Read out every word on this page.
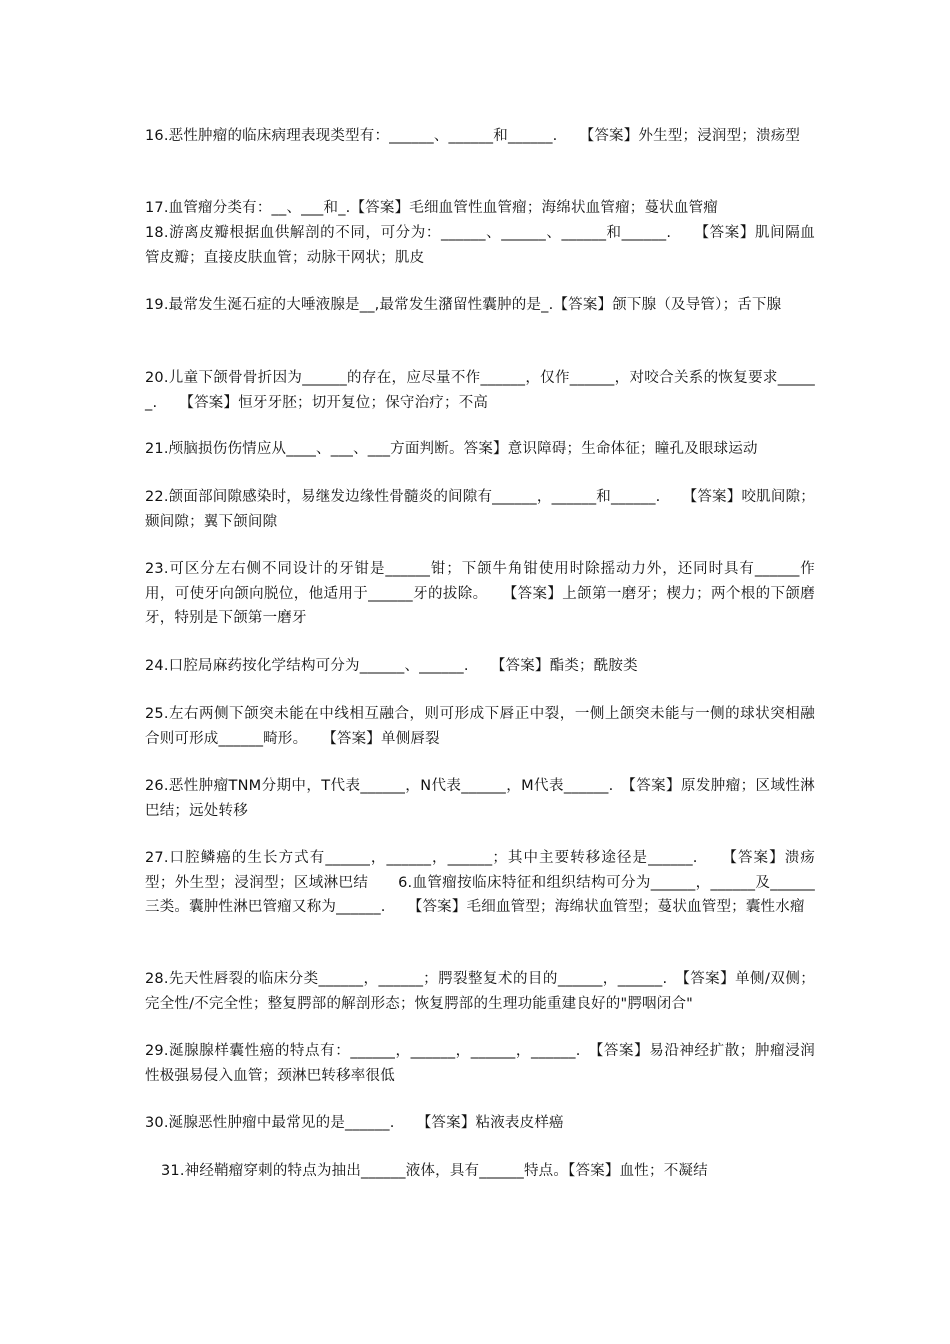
16.恶性肿瘤的临床病理表现类型有：______、______和______.　　【答案】外生型；浸润型；溃疡型

17.血管瘤分类有：__、___和_.【答案】毛细血管性血管瘤；海绵状血管瘤；蔓状血管瘤

18.游离皮瓣根据血供解剖的不同，可分为：______、______、______和______.　　【答案】肌间隔血管皮瓣；直接皮肤血管；动脉干网状；肌皮

19.最常发生涎石症的大唾液腺是__,最常发生潴留性囊肿的是_.【答案】颌下腺（及导管）；舌下腺

20.儿童下颌骨骨折因为______的存在，应尽量不作______，仅作______，对咬合关系的恢复要求______.　　【答案】恒牙牙胚；切开复位；保守治疗；不高

21.颅脑损伤伤情应从____、___、___方面判断。答案】意识障碍；生命体征；瞳孔及眼球运动

22.颌面部间隙感染时，易继发边缘性骨髓炎的间隙有______，______和______.　　【答案】咬肌间隙；颞间隙；翼下颌间隙

23.可区分左右侧不同设计的牙钳是______钳；下颌牛角钳使用时除摇动力外，还同时具有______作用，可使牙向颌向脱位，他适用于______牙的拔除。　　【答案】上颌第一磨牙；楔力；两个根的下颌磨牙，特别是下颌第一磨牙

24.口腔局麻药按化学结构可分为______、______.　　【答案】酯类；酰胺类

25.左右两侧下颌突未能在中线相互融合，则可形成下唇正中裂，一侧上颌突未能与一侧的球状突相融合则可形成______畸形。　　【答案】单侧唇裂

26.恶性肿瘤TNM分期中，T代表______，N代表______，M代表______.　【答案】原发肿瘤；区域性淋巴结；远处转移

27.口腔鳞癌的生长方式有______，______，______；其中主要转移途径是______.　　【答案】溃疡型；外生型；浸润型；区域淋巴结　　6.血管瘤按临床特征和组织结构可分为______，______及______三类。囊肿性淋巴管瘤又称为______.　　【答案】毛细血管型；海绵状血管型；蔓状血管型；囊性水瘤

28.先天性唇裂的临床分类______，______；腭裂整复术的目的______，______.　【答案】单侧/双侧；完全性/不完全性；整复腭部的解剖形态；恢复腭部的生理功能重建良好的"腭咽闭合"

29.涎腺腺样囊性癌的特点有：______，______，______，______.　【答案】易沿神经扩散；肿瘤浸润性极强易侵入血管；颈淋巴转移率很低

30.涎腺恶性肿瘤中最常见的是______.　　【答案】粘液表皮样癌

31.神经鞘瘤穿刺的特点为抽出______液体，具有______特点。【答案】血性；不凝结
